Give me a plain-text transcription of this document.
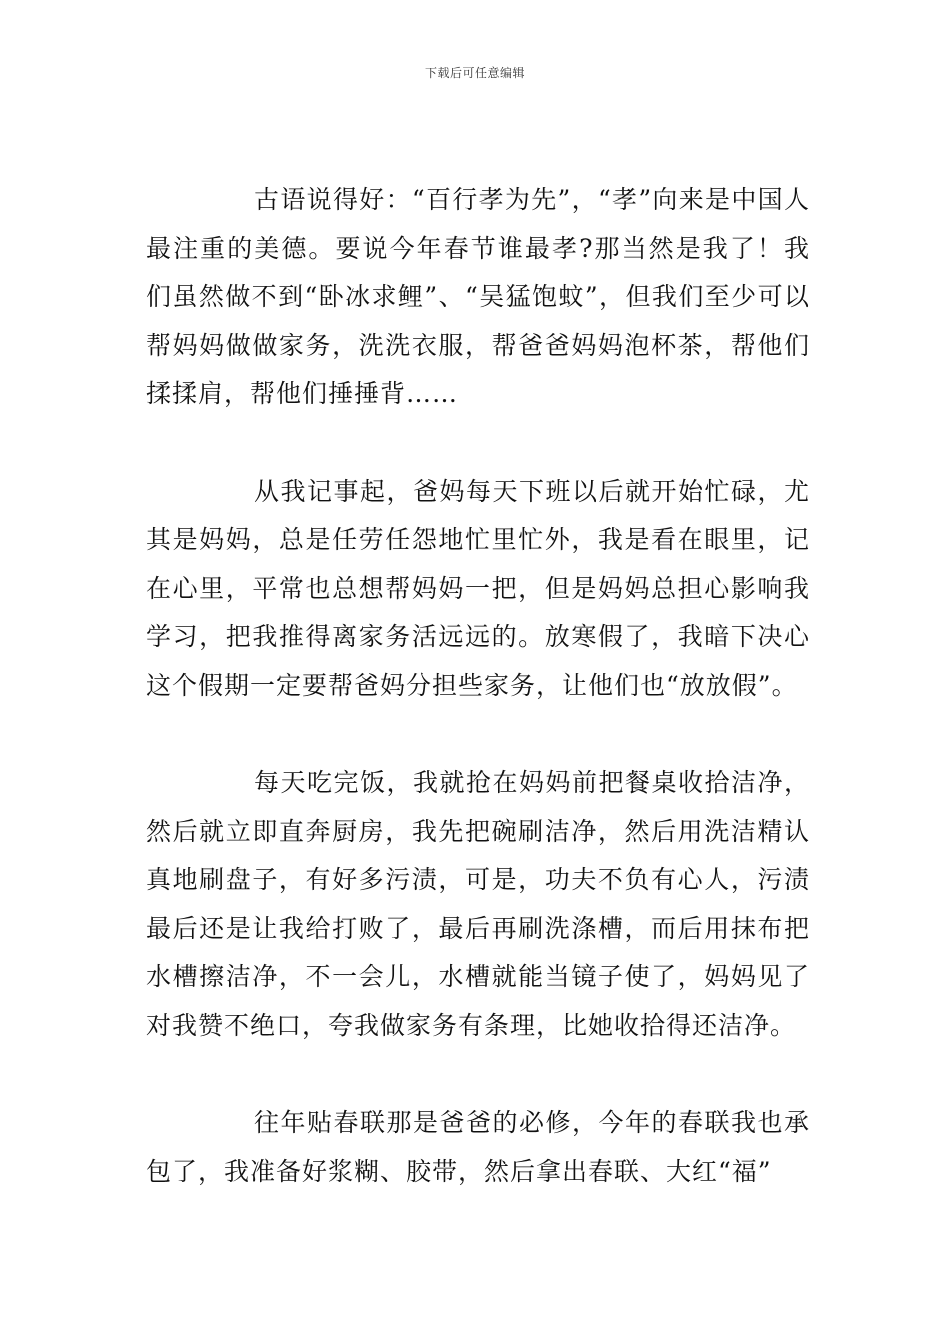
下载后可任意编辑

古语说得好：“百行孝为先”，“孝”向来是中国人最注重的美德。要说今年春节谁最孝?那当然是我了！我们虽然做不到“卧冰求鲤”、“吴猛饱蚊”，但我们至少可以帮妈妈做做家务，洗洗衣服，帮爸爸妈妈泡杯茶，帮他们揉揉肩，帮他们捶捶背……

从我记事起，爸妈每天下班以后就开始忙碌，尤其是妈妈，总是任劳任怨地忙里忙外，我是看在眼里，记在心里，平常也总想帮妈妈一把，但是妈妈总担心影响我学习，把我推得离家务活远远的。放寒假了，我暗下决心这个假期一定要帮爸妈分担些家务，让他们也“放放假”。

每天吃完饭，我就抢在妈妈前把餐桌收拾洁净，然后就立即直奔厨房，我先把碗刷洁净，然后用洗洁精认真地刷盘子，有好多污渍，可是，功夫不负有心人，污渍最后还是让我给打败了，最后再刷洗涤槽，而后用抹布把水槽擦洁净，不一会儿，水槽就能当镜子使了，妈妈见了对我赞不绝口，夸我做家务有条理，比她收拾得还洁净。

往年贴春联那是爸爸的必修，今年的春联我也承包了，我准备好浆糊、胶带，然后拿出春联、大红“福”
